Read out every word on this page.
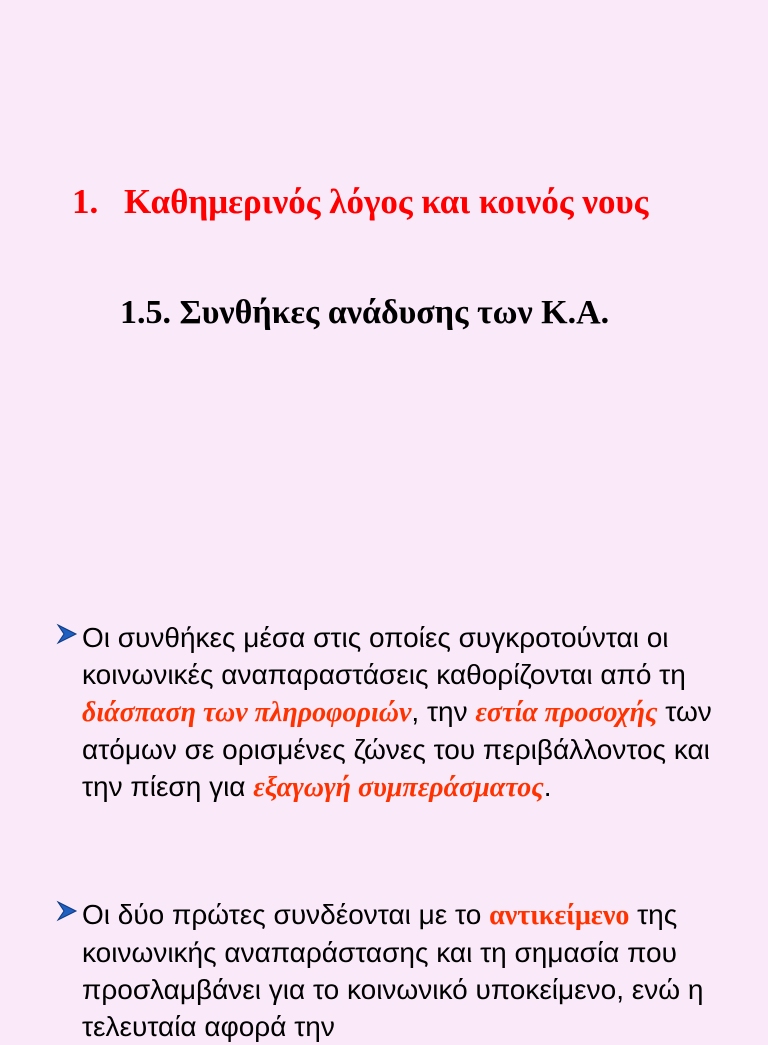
1. Καθημερινός λόγος και κοινός νους
1.5. Συνθήκες ανάδυσης των Κ.Α.
Οι συνθήκες μέσα στις οποίες συγκροτούνται οι κοινωνικές αναπαραστάσεις καθορίζονται από τη διάσπαση των πληροφοριών, την εστία προσοχής των ατόμων σε ορισμένες ζώνες του περιβάλλοντος και την πίεση για εξαγωγή συμπεράσματος.
Οι δύο πρώτες συνδέονται με το αντικείμενο της κοινωνικής αναπαράστασης και τη σημασία που προσλαμβάνει για το κοινωνικό υποκείμενο, ενώ η τελευταία αφορά την
